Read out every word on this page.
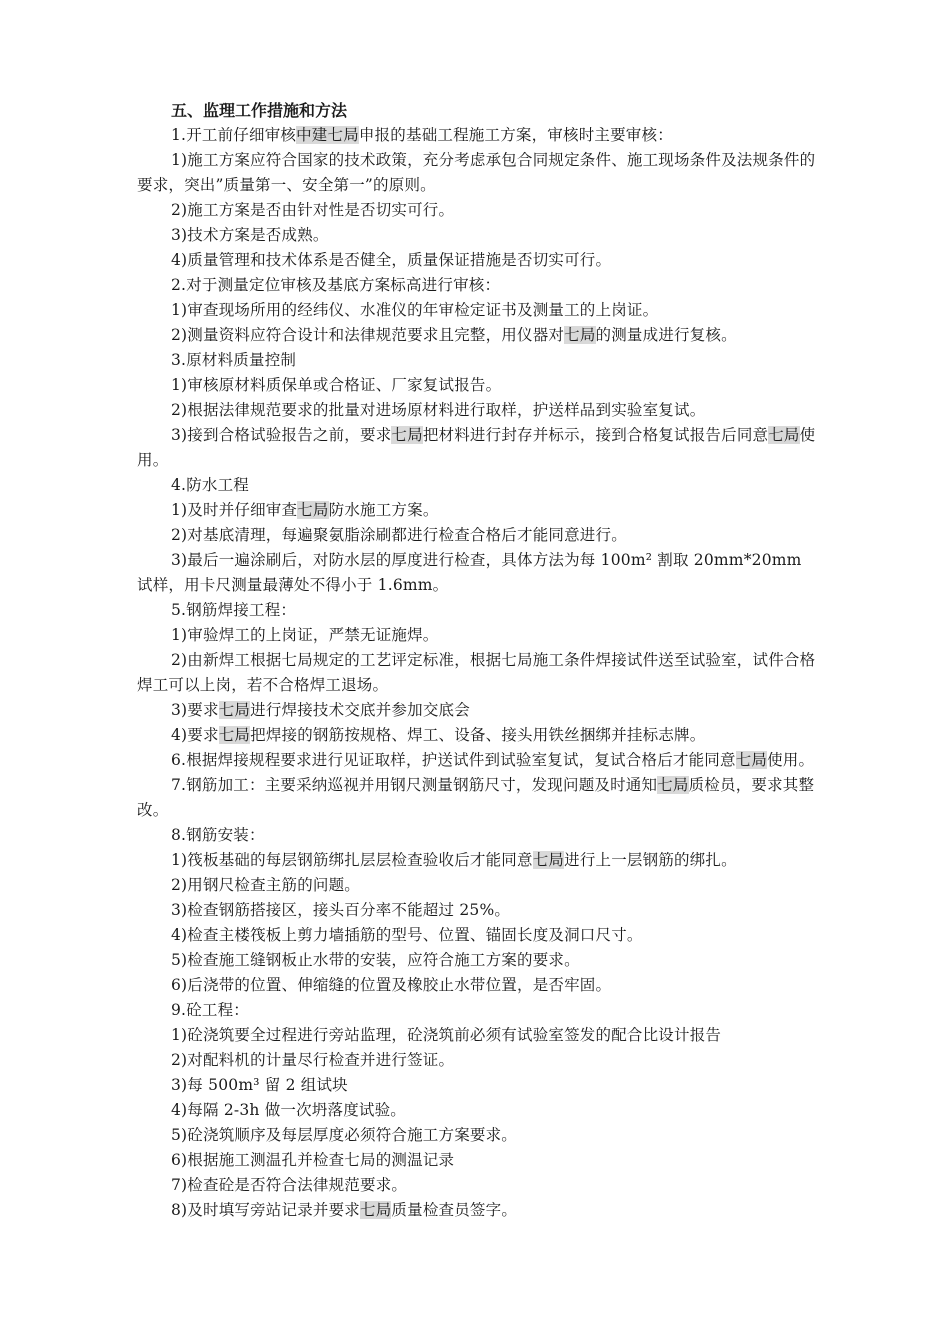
五、监理工作措施和方法

1.开工前仔细审核中建七局申报的基础工程施工方案，审核时主要审核：

1)施工方案应符合国家的技术政策，充分考虑承包合同规定条件、施工现场条件及法规条件的要求，突出”质量第一、安全第一”的原则。

2)施工方案是否由针对性是否切实可行。

3)技术方案是否成熟。

4)质量管理和技术体系是否健全，质量保证措施是否切实可行。

2.对于测量定位审核及基底方案标高进行审核：

1)审查现场所用的经纬仪、水准仪的年审检定证书及测量工的上岗证。

2)测量资料应符合设计和法律规范要求且完整，用仪器对七局的测量成进行复核。

3.原材料质量控制

1)审核原材料质保单或合格证、厂家复试报告。

2)根据法律规范要求的批量对进场原材料进行取样，护送样品到实验室复试。

3)接到合格试验报告之前，要求七局把材料进行封存并标示，接到合格复试报告后同意七局使用。

4.防水工程

1)及时并仔细审查七局防水施工方案。

2)对基底清理，每遍聚氨脂涂刷都进行检查合格后才能同意进行。

3)最后一遍涂刷后，对防水层的厚度进行检查，具体方法为每 100m² 割取 20mm*20mm 试样，用卡尺测量最薄处不得小于 1.6mm。

5.钢筋焊接工程：

1)审验焊工的上岗证，严禁无证施焊。

2)由新焊工根据七局规定的工艺评定标准，根据七局施工条件焊接试件送至试验室，试件合格焊工可以上岗，若不合格焊工退场。

3)要求七局进行焊接技术交底并参加交底会

4)要求七局把焊接的钢筋按规格、焊工、设备、接头用铁丝捆绑并挂标志牌。

6.根据焊接规程要求进行见证取样，护送试件到试验室复试，复试合格后才能同意七局使用。

7.钢筋加工：主要采纳巡视并用钢尺测量钢筋尺寸，发现问题及时通知七局质检员，要求其整改。

8.钢筋安装：

1)筏板基础的每层钢筋绑扎层层检查验收后才能同意七局进行上一层钢筋的绑扎。

2)用钢尺检查主筋的问题。

3)检查钢筋搭接区，接头百分率不能超过 25%。

4)检查主楼筏板上剪力墙插筋的型号、位置、锚固长度及洞口尺寸。

5)检查施工缝钢板止水带的安装，应符合施工方案的要求。

6)后浇带的位置、伸缩缝的位置及橡胶止水带位置，是否牢固。

9.砼工程：

1)砼浇筑要全过程进行旁站监理，砼浇筑前必须有试验室签发的配合比设计报告

2)对配料机的计量尽行检查并进行签证。

3)每 500m³ 留 2 组试块

4)每隔 2-3h 做一次坍落度试验。

5)砼浇筑顺序及每层厚度必须符合施工方案要求。

6)根据施工测温孔并检查七局的测温记录

7)检查砼是否符合法律规范要求。

8)及时填写旁站记录并要求七局质量检查员签字。
